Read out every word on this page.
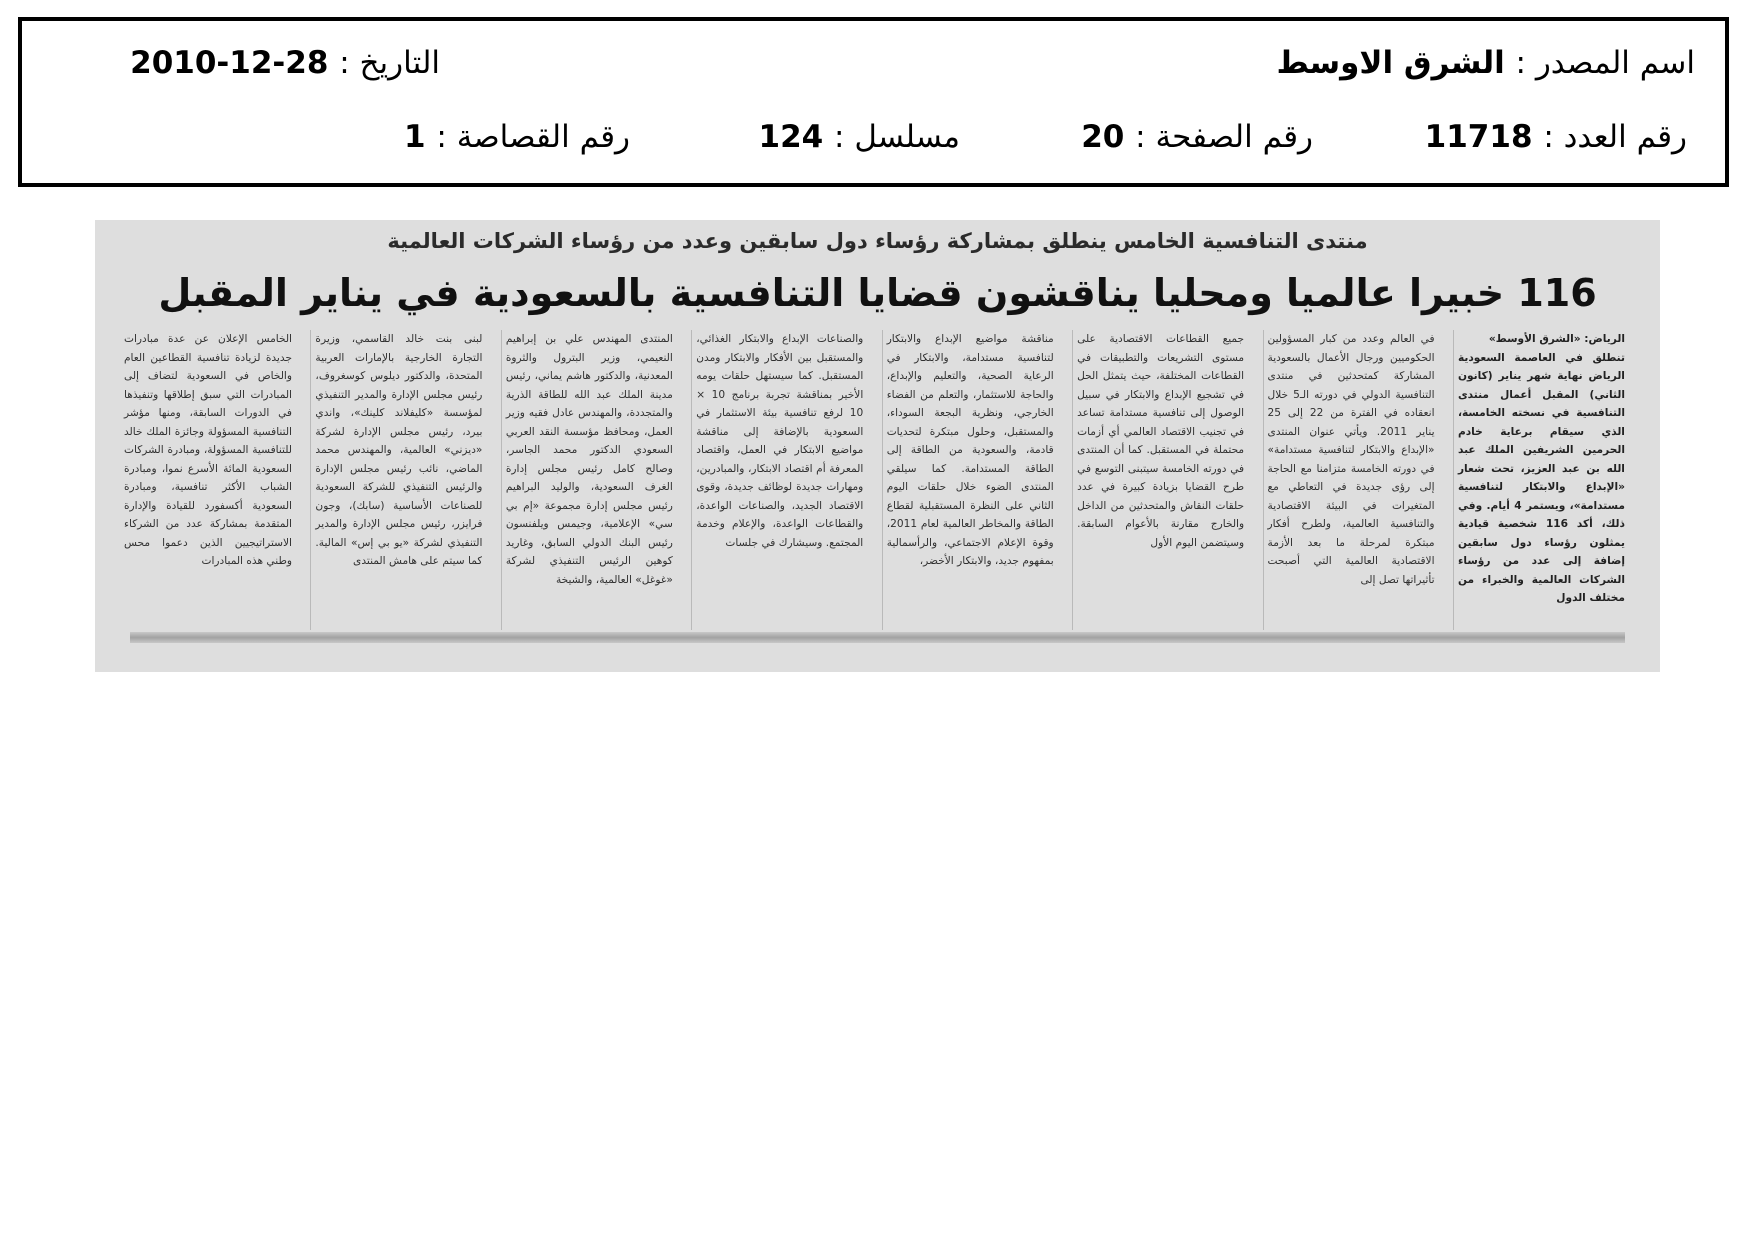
اسم المصدر : الشرق الاوسط
التاريخ : 28-12-2010
رقم العدد : 11718
رقم الصفحة : 20
مسلسل : 124
رقم القصاصة : 1
منتدى التنافسية الخامس ينطلق بمشاركة رؤساء دول سابقين وعدد من رؤساء الشركات العالمية
116 خبيرا عالميا ومحليا يناقشون قضايا التنافسية بالسعودية في يناير المقبل
الرياض: «الشرق الأوسط»
تنطلق في العاصمة السعودية الرياض نهاية شهر يناير (كانون الثاني) المقبل أعمال منتدى التنافسية في نسخته الخامسة، الذي سيقام برعاية خادم الحرمين الشريفين الملك عبد الله بن عبد العزيز، تحت شعار «الإبداع والابتكار لتنافسية مستدامة»، ويستمر 4 أيام. وفي ذلك، أكد 116 شخصية قيادية يمثلون رؤساء دول سابقين إضافة إلى عدد من رؤساء الشركات العالمية والخبراء من مختلف الدول
في العالم وعدد من كبار المسؤولين الحكوميين ورجال الأعمال بالسعودية المشاركة كمتحدثين في منتدى التنافسية الدولي في دورته الـ5 خلال انعقاده في الفترة من 22 إلى 25 يناير 2011. ويأتي عنوان المنتدى «الإبداع والابتكار لتنافسية مستدامة» في دورته الخامسة متزامنا مع الحاجة إلى رؤى جديدة في التعاطي مع المتغيرات في البيئة الاقتصادية والتنافسية العالمية، ولطرح أفكار مبتكرة لمرحلة ما بعد الأزمة الاقتصادية العالمية التي أصبحت تأثيراتها تصل إلى
جميع القطاعات الاقتصادية على مستوى التشريعات والتطبيقات في القطاعات المختلفة، حيث يتمثل الحل في تشجيع الإبداع والابتكار في سبيل الوصول إلى تنافسية مستدامة تساعد في تجنيب الاقتصاد العالمي أي أزمات محتملة في المستقبل. كما أن المنتدى في دورته الخامسة سيتبنى التوسع في طرح القضايا بزيادة كبيرة في عدد حلقات النقاش والمتحدثين من الداخل والخارج مقارنة بالأعوام السابقة. وسيتضمن اليوم الأول
مناقشة مواضيع الإبداع والابتكار لتنافسية مستدامة، والابتكار في الرعاية الصحية، والتعليم والإبداع، والحاجة للاستثمار، والتعلم من الفضاء الخارجي، ونظرية البجعة السوداء، والمستقبل، وحلول مبتكرة لتحديات قادمة، والسعودية من الطاقة إلى الطاقة المستدامة. كما سيلقي المنتدى الضوء خلال حلقات اليوم الثاني على النظرة المستقبلية لقطاع الطاقة والمخاطر العالمية لعام 2011، وقوة الإعلام الاجتماعي، والرأسمالية بمفهوم جديد، والابتكار الأخضر،
والصناعات الإبداع والابتكار الغذائي، والمستقبل بين الأفكار والابتكار ومدن المستقبل. كما سيستهل حلقات يومه الأخير بمناقشة تجربة برنامج 10 × 10 لرفع تنافسية بيئة الاستثمار في السعودية بالإضافة إلى مناقشة مواضيع الابتكار في العمل، واقتصاد المعرفة أم اقتصاد الابتكار، والمبادرين، ومهارات جديدة لوظائف جديدة، وقوى الاقتصاد الجديد، والصناعات الواعدة، والقطاعات الواعدة، والإعلام وخدمة المجتمع. وسيشارك في جلسات
المنتدى المهندس علي بن إبراهيم النعيمي، وزير البترول والثروة المعدنية، والدكتور هاشم يماني، رئيس مدينة الملك عبد الله للطاقة الذرية والمتجددة، والمهندس عادل فقيه وزير العمل، ومحافظ مؤسسة النقد العربي السعودي الدكتور محمد الجاسر، وصالح كامل رئيس مجلس إدارة الغرف السعودية، والوليد البراهيم رئيس مجلس إدارة مجموعة «إم بي سي» الإعلامية، وجيمس ويلفنسون رئيس البنك الدولي السابق، وغاريد كوهين الرئيس التنفيذي لشركة «غوغل» العالمية، والشيخة
لبنى بنت خالد القاسمي، وزيرة التجارة الخارجية بالإمارات العربية المتحدة، والدكتور ديلوس كوسغروف، رئيس مجلس الإدارة والمدير التنفيذي لمؤسسة «كليفلاند كلينك»، واندي بيرد، رئيس مجلس الإدارة لشركة «ديزني» العالمية، والمهندس محمد الماضي، نائب رئيس مجلس الإدارة والرئيس التنفيذي للشركة السعودية للصناعات الأساسية (سابك)، وجون فرايزر، رئيس مجلس الإدارة والمدير التنفيذي لشركة «يو بي إس» المالية. كما سيتم على هامش المنتدى
الخامس الإعلان عن عدة مبادرات جديدة لزيادة تنافسية القطاعين العام والخاص في السعودية لتضاف إلى المبادرات التي سبق إطلاقها وتنفيذها في الدورات السابقة، ومنها مؤشر التنافسية المسؤولة وجائزة الملك خالد للتنافسية المسؤولة، ومبادرة الشركات السعودية المائة الأسرع نموا، ومبادرة الشباب الأكثر تنافسية، ومبادرة السعودية أكسفورد للقيادة والإدارة المتقدمة بمشاركة عدد من الشركاء الاستراتيجيين الذين دعموا محس وطني هذه المبادرات
